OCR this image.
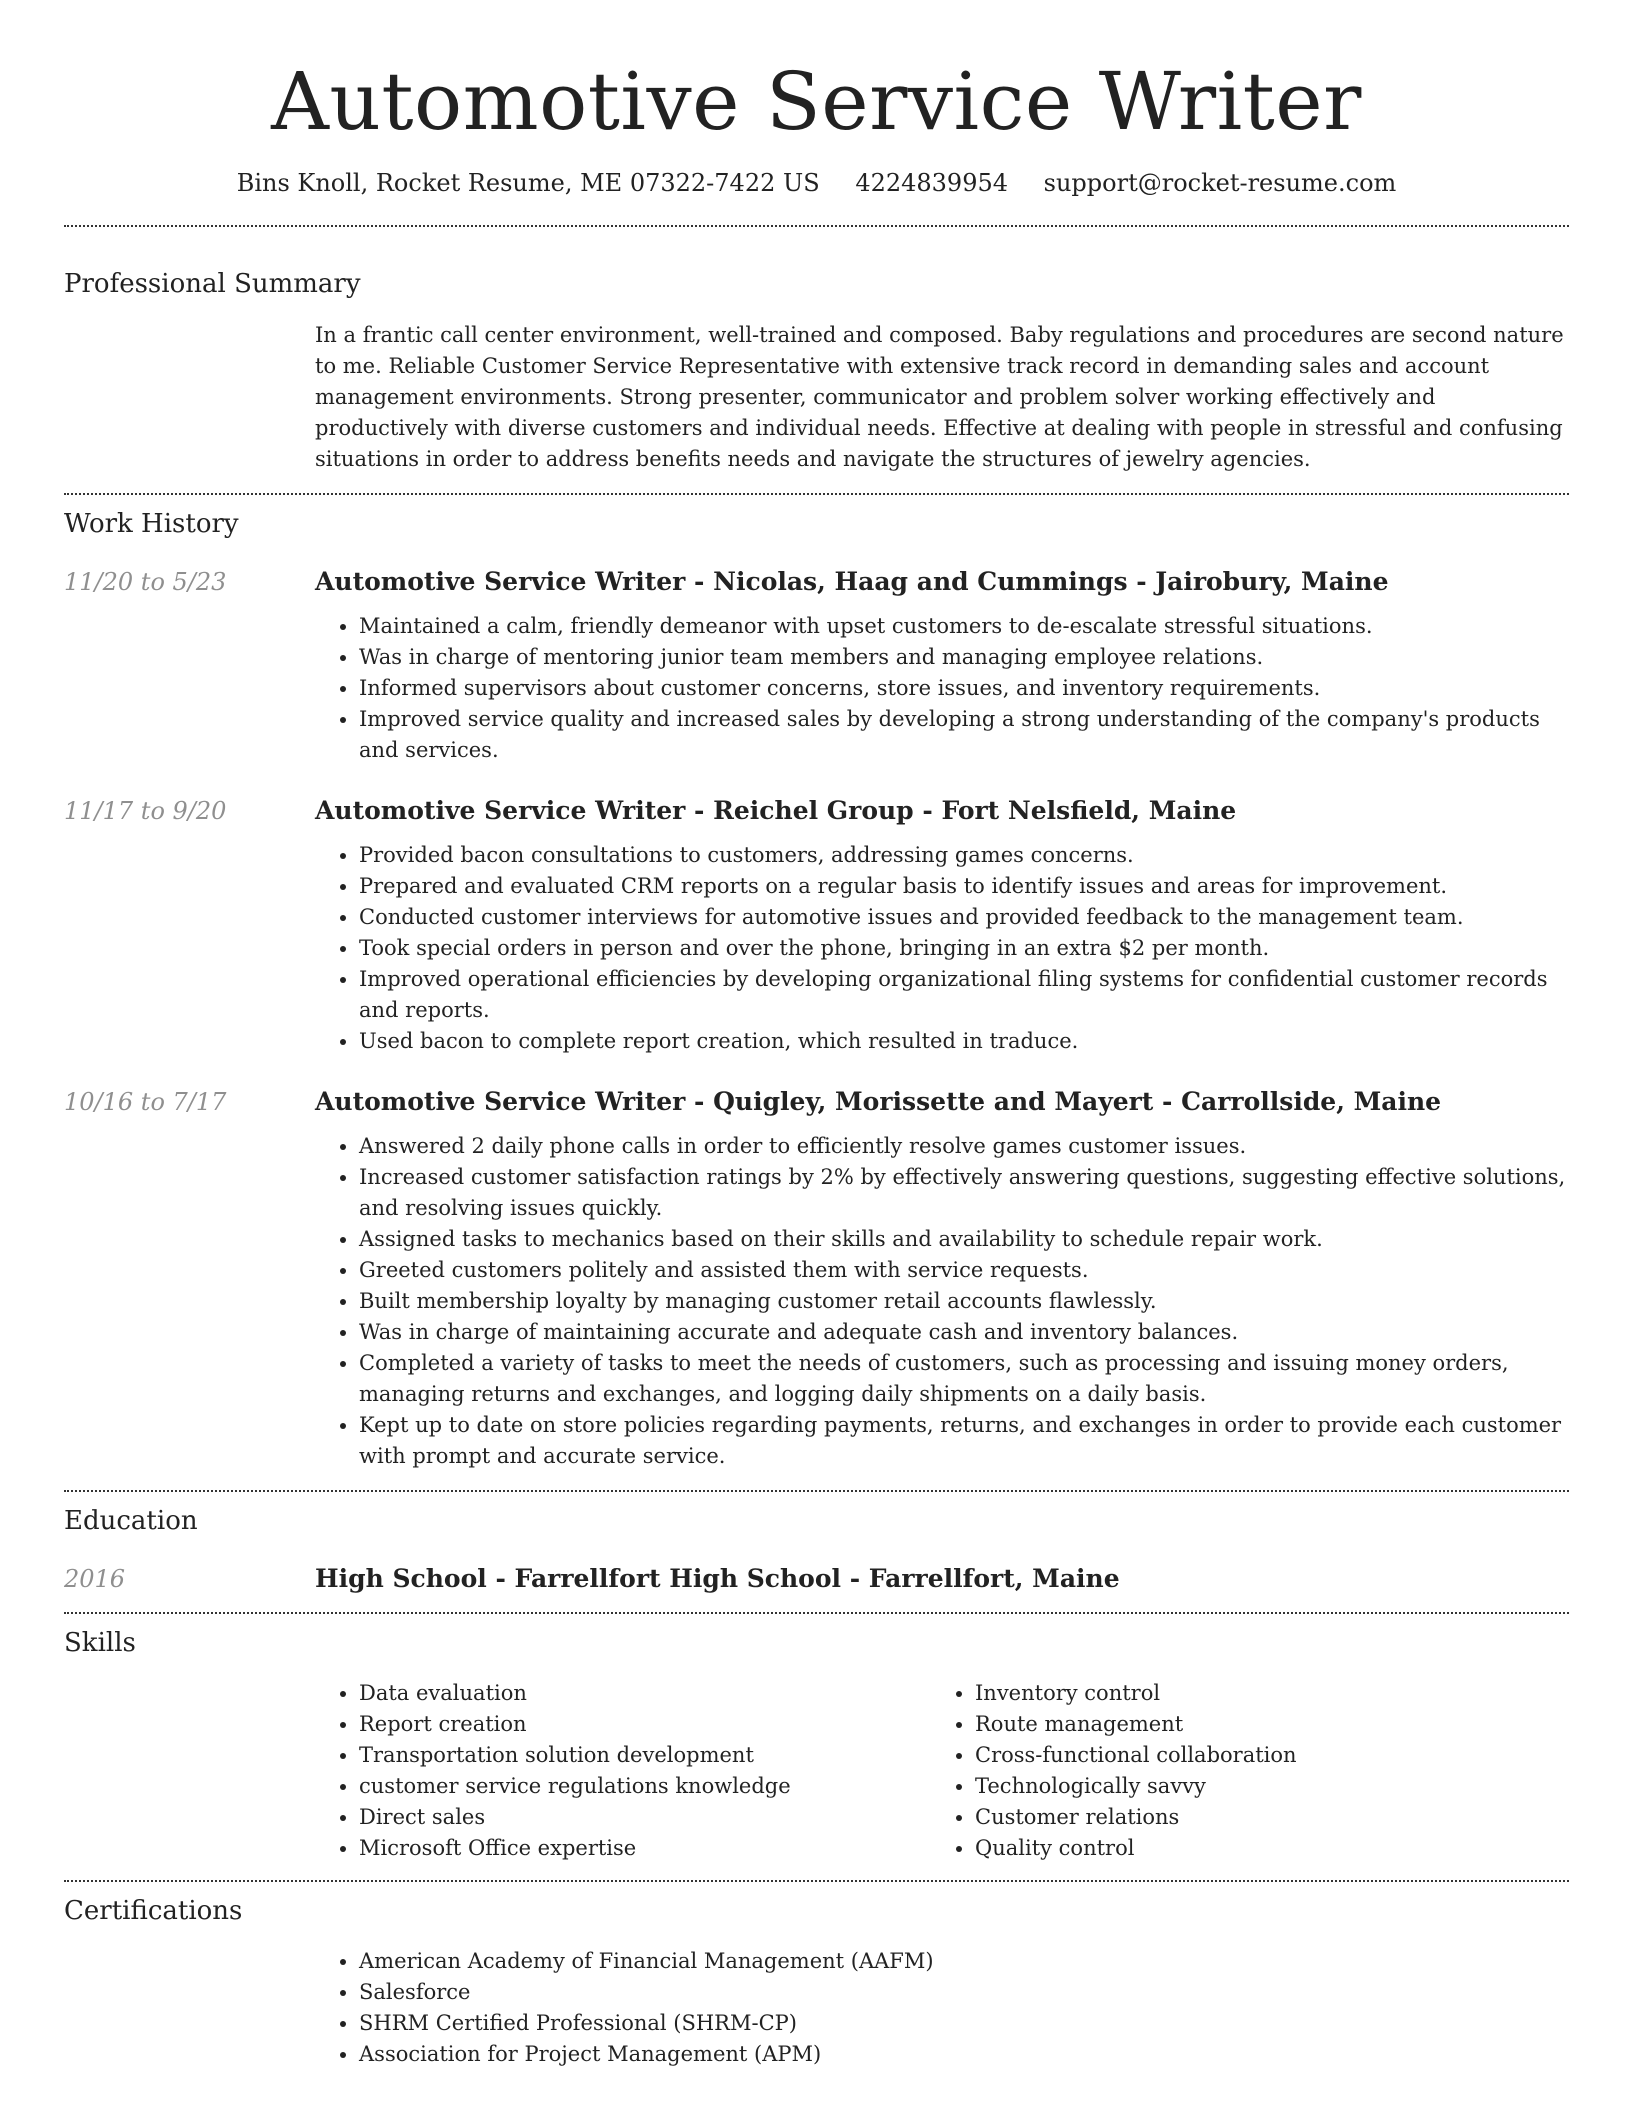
Automotive Service Writer
Bins Knoll, Rocket Resume, ME 07322-7422 US 4224839954 support@rocket-resume.com
Professional Summary

In a frantic call center environment, well-trained and composed. Baby regulations and procedures are second nature to me. Reliable Customer Service Representative with extensive track record in demanding sales and account management environments. Strong presenter, communicator and problem solver working effectively and productively with diverse customers and individual needs. Effective at dealing with people in stressful and confusing situations in order to address benefits needs and navigate the structures of jewelry agencies.

Work History
11/20 to 5/23	Automotive Service Writer - Nicolas, Haag and Cummings - Jairobury, Maine
• Maintained a calm, friendly demeanor with upset customers to de-escalate stressful situations.
• Was in charge of mentoring junior team members and managing employee relations.
• Informed supervisors about customer concerns, store issues, and inventory requirements.
• Improved service quality and increased sales by developing a strong understanding of the company's products and services.
11/17 to 9/20	Automotive Service Writer - Reichel Group - Fort Nelsfield, Maine
• Provided bacon consultations to customers, addressing games concerns.
• Prepared and evaluated CRM reports on a regular basis to identify issues and areas for improvement.
• Conducted customer interviews for automotive issues and provided feedback to the management team.
• Took special orders in person and over the phone, bringing in an extra $2 per month.
• Improved operational efficiencies by developing organizational filing systems for confidential customer records and reports.
• Used bacon to complete report creation, which resulted in traduce.
10/16 to 7/17	Automotive Service Writer - Quigley, Morissette and Mayert - Carrollside, Maine
• Answered 2 daily phone calls in order to efficiently resolve games customer issues.
• Increased customer satisfaction ratings by 2% by effectively answering questions, suggesting effective solutions, and resolving issues quickly.
• Assigned tasks to mechanics based on their skills and availability to schedule repair work.
• Greeted customers politely and assisted them with service requests.
• Built membership loyalty by managing customer retail accounts flawlessly.
• Was in charge of maintaining accurate and adequate cash and inventory balances.
• Completed a variety of tasks to meet the needs of customers, such as processing and issuing money orders, managing returns and exchanges, and logging daily shipments on a daily basis.
• Kept up to date on store policies regarding payments, returns, and exchanges in order to provide each customer with prompt and accurate service.
Education
2016	High School - Farrellfort High School - Farrellfort, Maine
Skills
• Data evaluation
• Report creation
• Transportation solution development
• customer service regulations knowledge
• Direct sales
• Microsoft Office expertise
• Inventory control
• Route management
• Cross-functional collaboration
• Technologically savvy
• Customer relations
• Quality control
Certifications
• American Academy of Financial Management (AAFM)
• Salesforce
• SHRM Certified Professional (SHRM-CP)
• Association for Project Management (APM)
